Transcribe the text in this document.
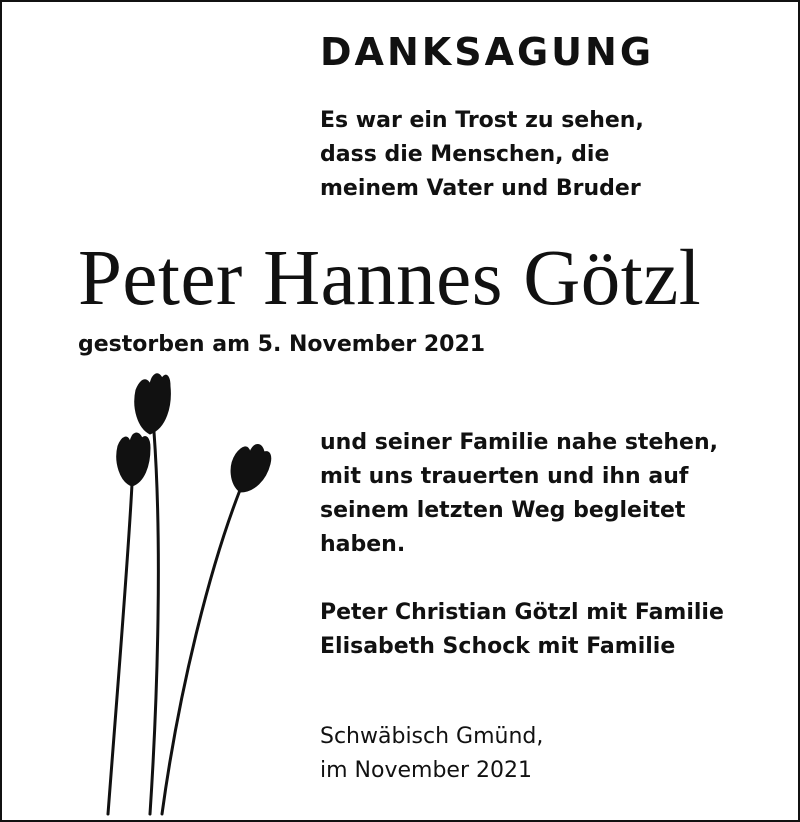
DANKSAGUNG
Es war ein Trost zu sehen,
dass die Menschen, die
meinem Vater und Bruder
Peter Hannes Götzl
gestorben am 5. November 2021
und seiner Familie nahe stehen,
mit uns trauerten und ihn auf
seinem letzten Weg begleitet
haben.
Peter Christian Götzl mit Familie
Elisabeth Schock mit Familie
Schwäbisch Gmünd,
im November 2021
